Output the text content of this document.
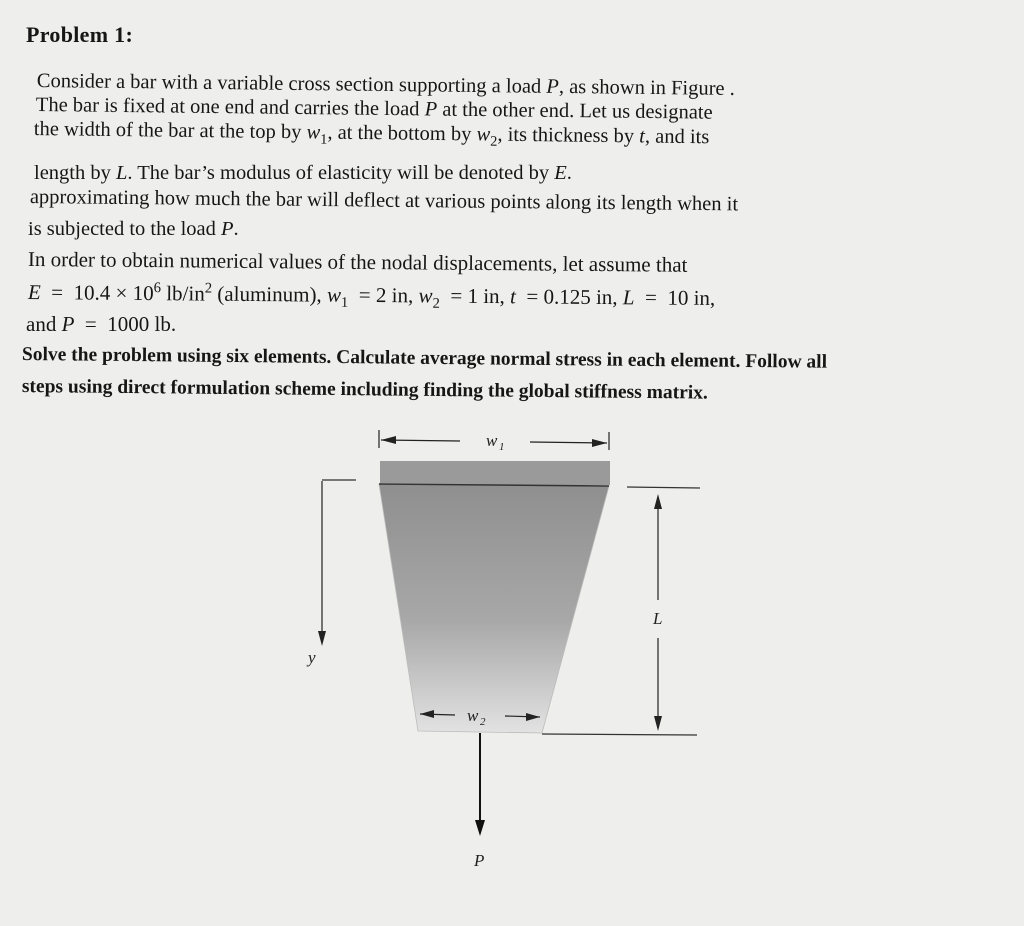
Problem 1:
Consider a bar with a variable cross section supporting a load P, as shown in Figure .
The bar is fixed at one end and carries the load P at the other end. Let us designate
the width of the bar at the top by $w_1$, at the bottom by $w_2$, its thickness by t, and its
length by L. The bar’s modulus of elasticity will be denoted by E.
approximating how much the bar will deflect at various points along its length when it
is subjected to the load P.
In order to obtain numerical values of the nodal displacements, let assume that
$E = 10.4 \times 10^6$ $lb/in^2$ (aluminum), $w_1 = 2$ in, $w_2 = 1$ in, t  = 0.125 in, L  =  10 in,
and P  =  1000 lb.
Solve the problem using six elements. Calculate average normal stress in each element. Follow all
steps using direct formulation scheme including finding the global stiffness matrix.
w 1
y
L
w 2
P
